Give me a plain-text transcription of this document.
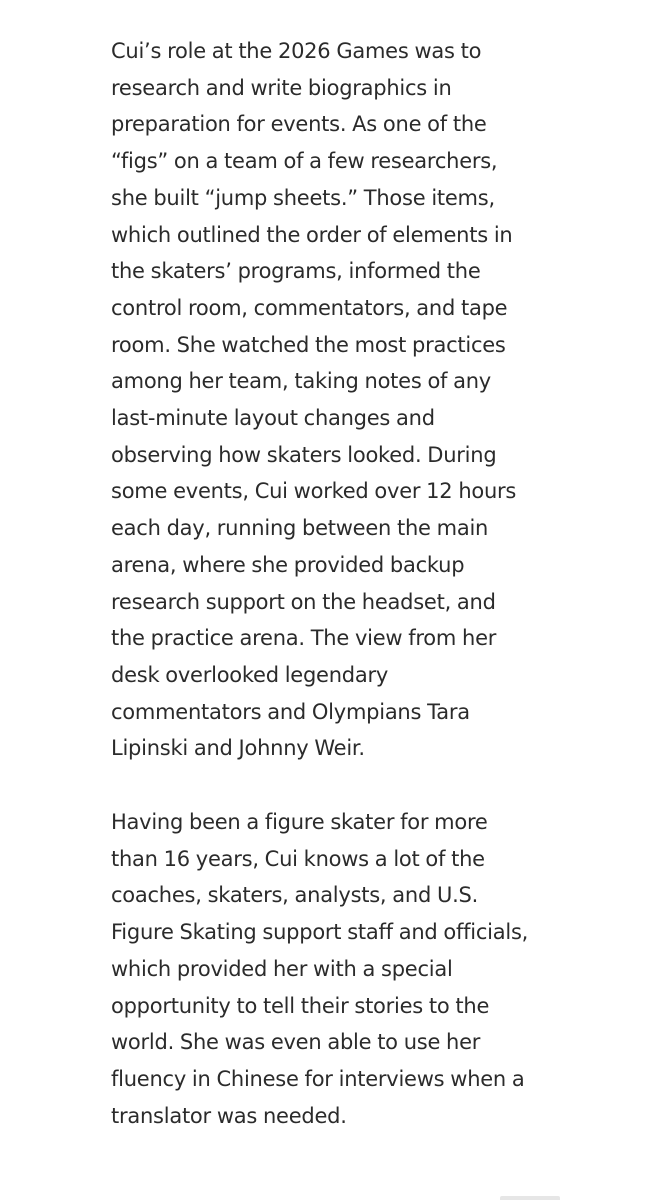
Cui’s role at the 2026 Games was to
research and write biographics in
preparation for events. As one of the
“figs” on a team of a few researchers,
she built “jump sheets.” Those items,
which outlined the order of elements in
the skaters’ programs, informed the
control room, commentators, and tape
room. She watched the most practices
among her team, taking notes of any
last-minute layout changes and
observing how skaters looked. During
some events, Cui worked over 12 hours
each day, running between the main
arena, where she provided backup
research support on the headset, and
the practice arena. The view from her
desk overlooked legendary
commentators and Olympians Tara
Lipinski and Johnny Weir.

Having been a figure skater for more
than 16 years, Cui knows a lot of the
coaches, skaters, analysts, and U.S.
Figure Skating support staff and officials,
which provided her with a special
opportunity to tell their stories to the
world. She was even able to use her
fluency in Chinese for interviews when a
translator was needed.
